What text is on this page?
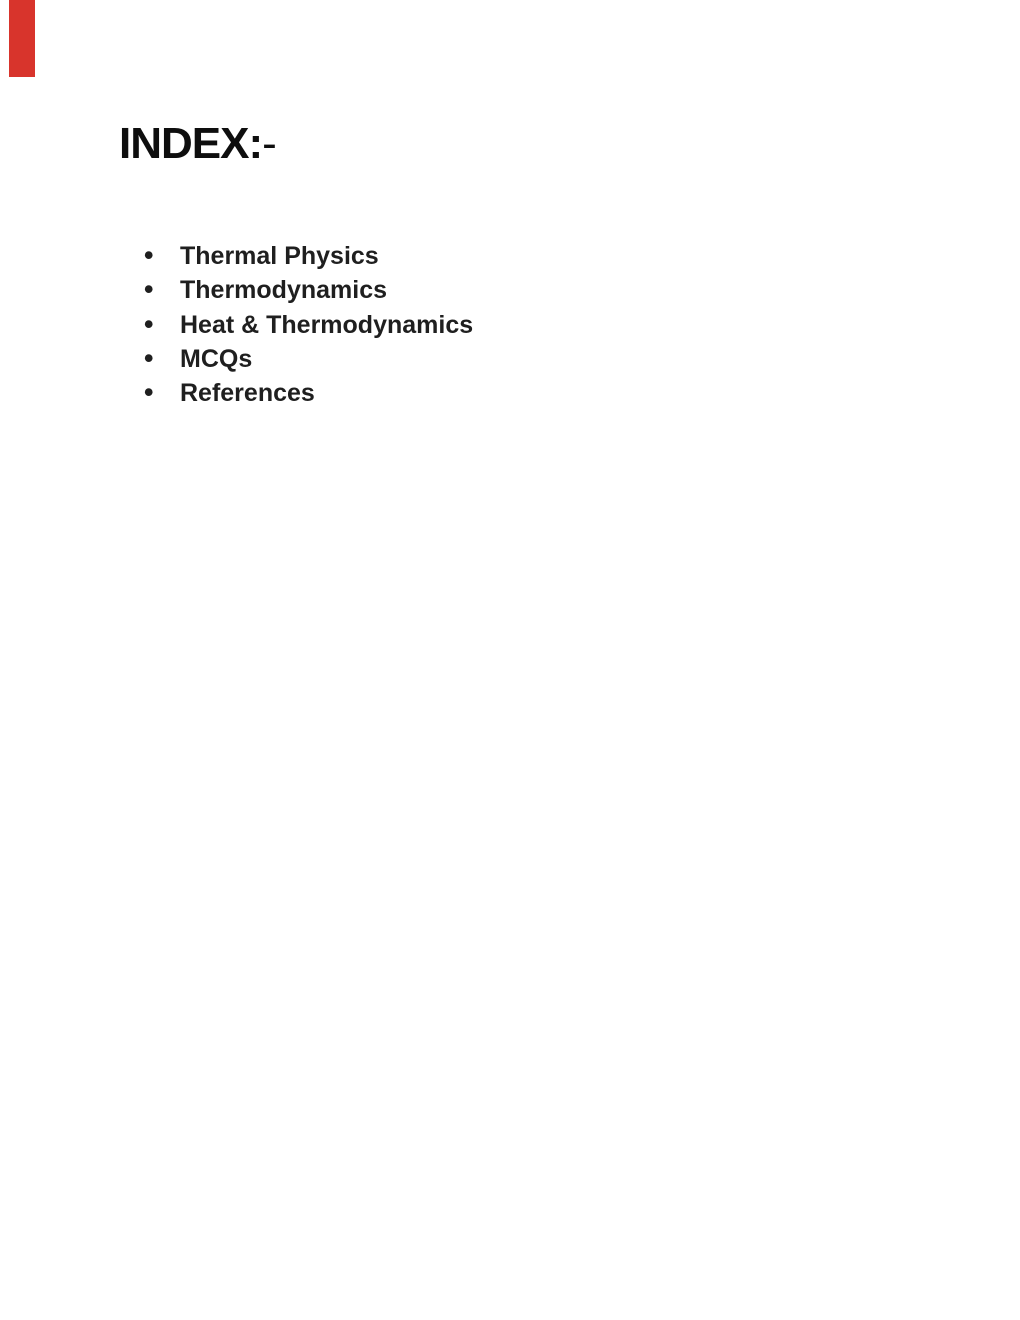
INDEX:-
•	Thermal Physics
•	Thermodynamics
•	Heat & Thermodynamics
•	MCQs
•	References
